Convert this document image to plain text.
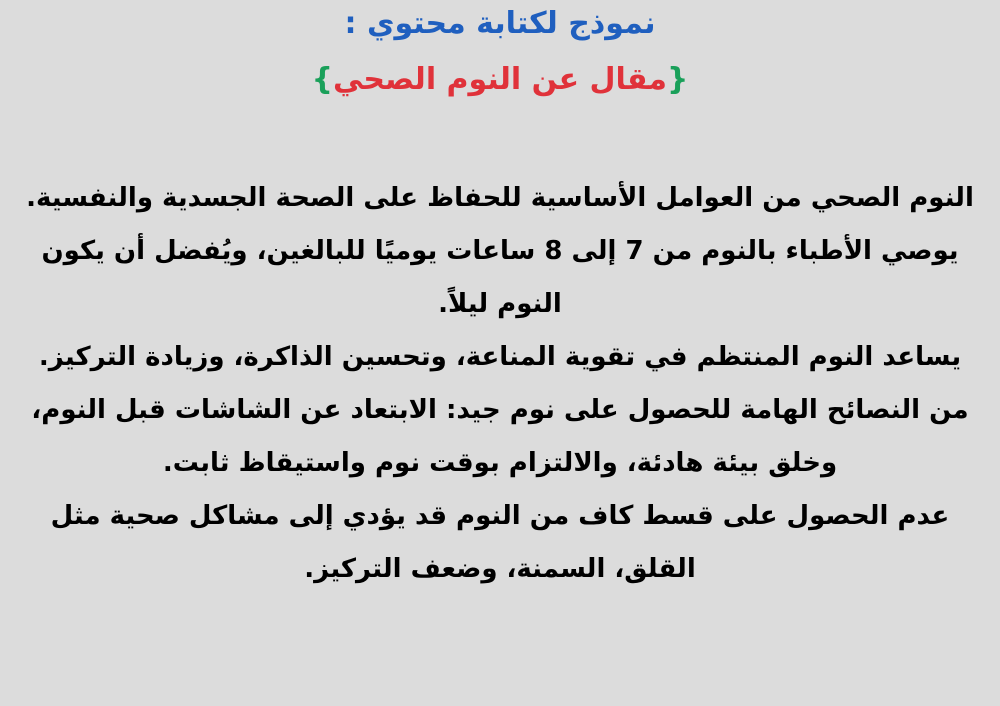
نموذج لكتابة محتوي :
{مقال عن النوم الصحي}

النوم الصحي من العوامل الأساسية للحفاظ على الصحة الجسدية والنفسية.

يوصي الأطباء بالنوم من 7 إلى 8 ساعات يوميًا للبالغين، ويُفضل أن يكون النوم ليلاً.

يساعد النوم المنتظم في تقوية المناعة، وتحسين الذاكرة، وزيادة التركيز.

من النصائح الهامة للحصول على نوم جيد: الابتعاد عن الشاشات قبل النوم، وخلق بيئة هادئة، والالتزام بوقت نوم واستيقاظ ثابت.

عدم الحصول على قسط كاف من النوم قد يؤدي إلى مشاكل صحية مثل القلق، السمنة، وضعف التركيز.
